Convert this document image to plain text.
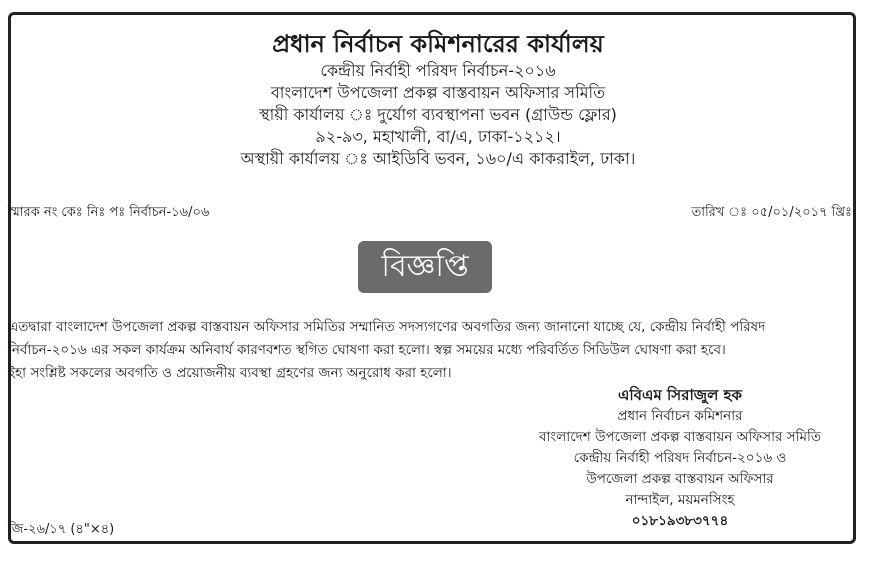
প্রধান নির্বাচন কমিশনারের কার্যালয়

কেন্দ্রীয় নির্বাহী পরিষদ নির্বাচন-২০১৬

বাংলাদেশ উপজেলা প্রকল্প বাস্তবায়ন অফিসার সমিতি

স্থায়ী কার্যালয় ঃ দুর্যোগ ব্যবস্থাপনা ভবন (গ্রাউন্ড ফ্লোর)

৯২-৯৩, মহাখালী, বা/এ, ঢাকা-১২১২।

অস্থায়ী কার্যালয় ঃ আইডিবি ভবন, ১৬০/এ কাকরাইল, ঢাকা।

স্মারক নং কেঃ নিঃ পঃ নির্বাচন-১৬/০৬	তারিখ ঃ ০৫/০১/২০১৭ খ্রিঃ
বিজ্ঞপ্তি

এতদ্বারা বাংলাদেশ উপজেলা প্রকল্প বাস্তবায়ন অফিসার সমিতির সম্মানিত সদস্যগণের অবগতির জন্য জানানো যাচ্ছে যে, কেন্দ্রীয় নির্বাহী পরিষদ

নির্বাচন-২০১৬ এর সকল কার্যক্রম অনিবার্য কারণবশত স্থগিত ঘোষণা করা হলো। স্বল্প সময়ের মধ্যে পরিবর্তিত সিডিউল ঘোষণা করা হবে।

ইহা সংশ্লিষ্ট সকলের অবগতি ও প্রয়োজনীয় ব্যবস্থা গ্রহণের জন্য অনুরোধ করা হলো।

এবিএম সিরাজুল হক

প্রধান নির্বাচন কমিশনার

বাংলাদেশ উপজেলা প্রকল্প বাস্তবায়ন অফিসার সমিতি

কেন্দ্রীয় নির্বাহী পরিষদ নির্বাচন-২০১৬ ও

উপজেলা প্রকল্প বাস্তবায়ন অফিসার

নান্দাইল, ময়মনসিংহ

০১৮১৯৩৮৩৭৭৪

জি-২৬/১৭ (৪"×৪)
